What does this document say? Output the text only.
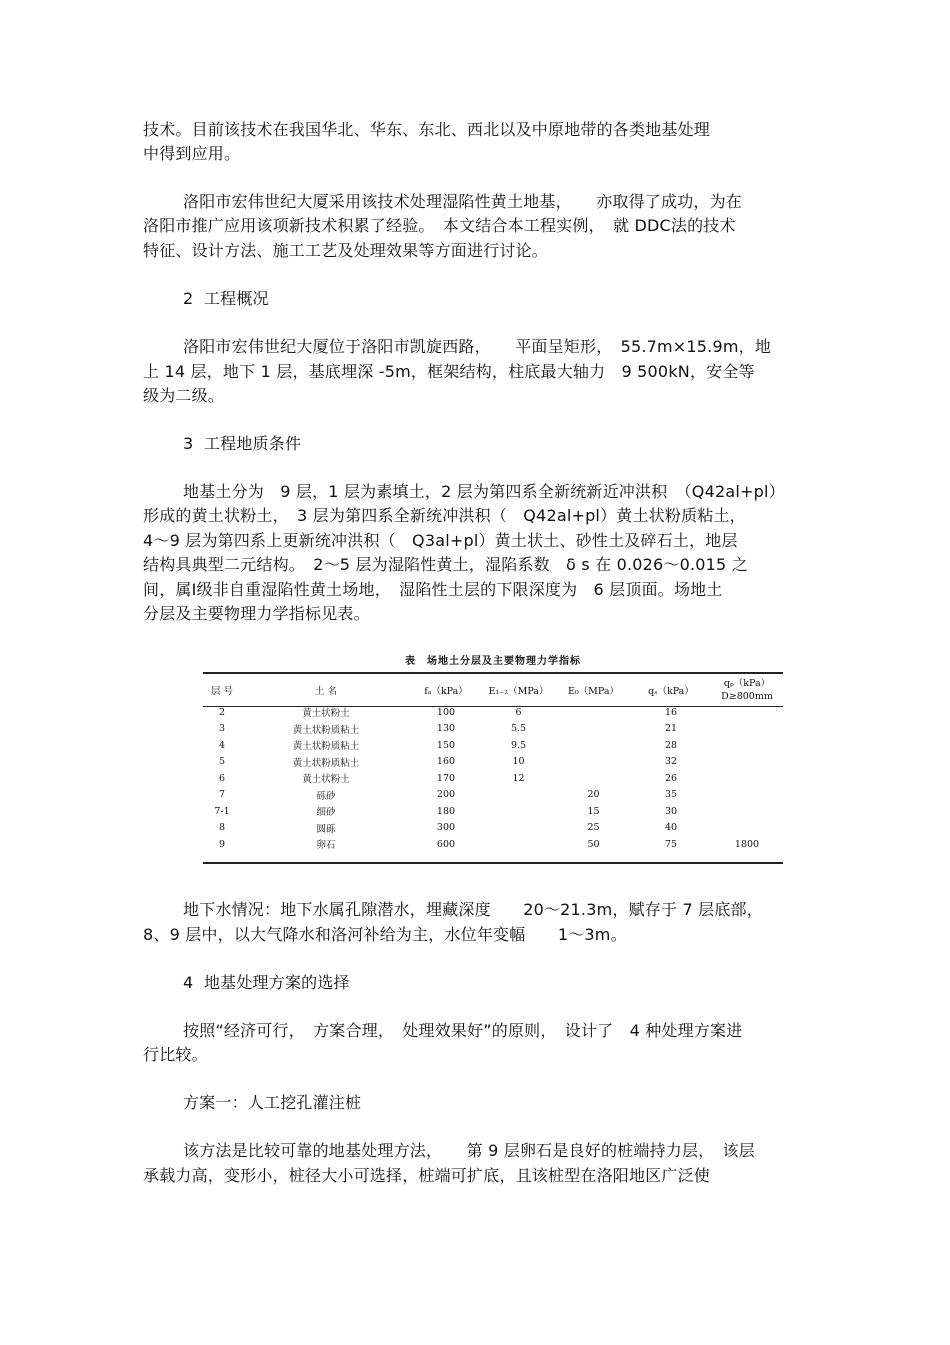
技术。目前该技术在我国华北、华东、东北、西北以及中原地带的各类地基处理
中得到应用。
洛阳市宏伟世纪大厦采用该技术处理湿陷性黄土地基，　　亦取得了成功，为在
洛阳市推广应用该项新技术积累了经验。　本文结合本工程实例，　就 DDC法的技术
特征、设计方法、施工工艺及处理效果等方面进行讨论。
2  工程概况
洛阳市宏伟世纪大厦位于洛阳市凯旋西路，　　平面呈矩形，　55.7m×15.9m，地
上 14 层，地下 1 层，基底埋深 -5m，框架结构，柱底最大轴力　9 500kN，安全等
级为二级。
3  工程地质条件
地基土分为　9 层，1 层为素填土，2 层为第四系全新统新近冲洪积　（Q42al+pl）
形成的黄土状粉土，　3 层为第四系全新统冲洪积（　Q42al+pl）黄土状粉质粘土，
4～9 层为第四系上更新统冲洪积（　Q3al+pl）黄土状土、砂性土及碎石土，地层
结构具典型二元结构。　2～5 层为湿陷性黄土，湿陷系数　δ s 在 0.026～0.015 之
间，属Ⅰ级非自重湿陷性黄土场地，　湿陷性土层的下限深度为　6 层顶面。场地土
分层及主要物理力学指标见表。
表　场地土分层及主要物理力学指标
层 号	土 名	fₐ（kPa）	E₁₋₂（MPa）	E₀（MPa）	qₛ（kPa）	qₚ（kPa）
D≥800mm

2	黄土状粉土	100	6		16	
3	黄土状粉质粘土	130	5.5		21	
4	黄土状粉质粘土	150	9.5		28	
5	黄土状粉质粘土	160	10		32	
6	黄土状粉土	170	12		26	
7	砾砂	200		20	35	
7-1	细砂	180		15	30	
8	圆砾	300		25	40	
9	卵石	600		50	75	1800
地下水情况：地下水属孔隙潜水，埋藏深度　　20～21.3m，赋存于 7 层底部，
8、9 层中，以大气降水和洛河补给为主，水位年变幅　　1～3m。
4  地基处理方案的选择
按照“经济可行，　方案合理，　处理效果好”的原则，　设计了　4 种处理方案进
行比较。
方案一：人工挖孔灌注桩
该方法是比较可靠的地基处理方法，　　第 9 层卵石是良好的桩端持力层，　该层
承载力高，变形小，桩径大小可选择，桩端可扩底，且该桩型在洛阳地区广泛使
